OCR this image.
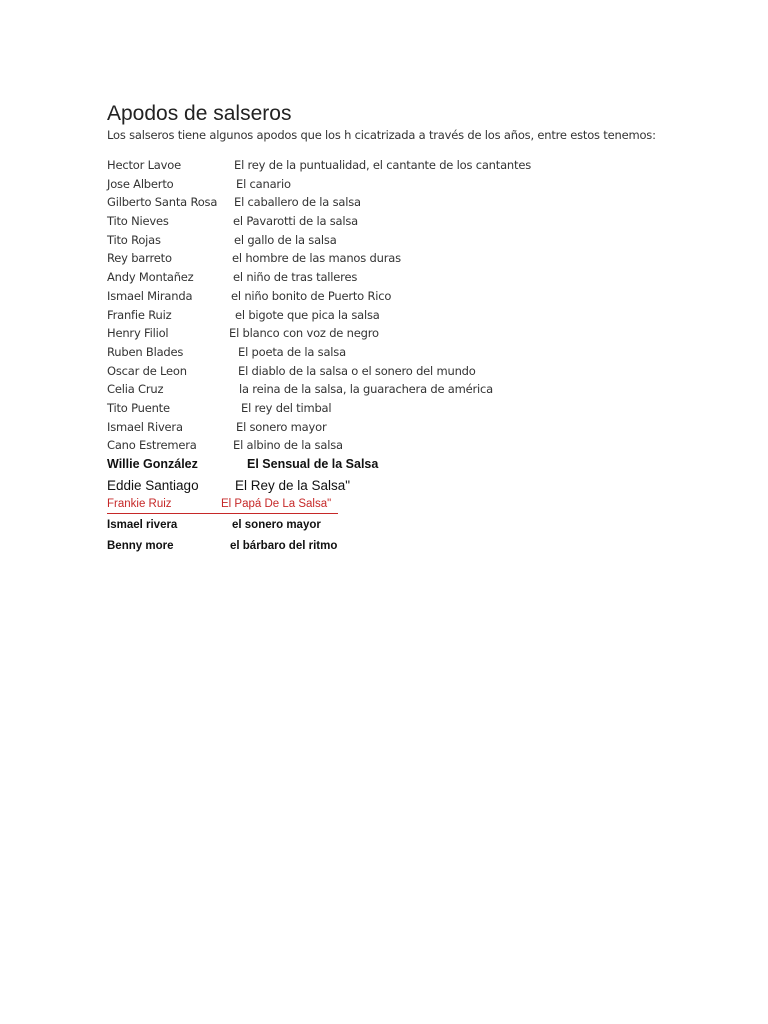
Apodos de salseros
Los salseros tiene algunos apodos que los h cicatrizada a través de los años, entre estos tenemos:
Hector Lavoe	El rey de la puntualidad, el cantante de los cantantes
Jose Alberto	El canario
Gilberto Santa Rosa El caballero de la salsa
Tito Nieves	el Pavarotti de la salsa
Tito Rojas	el gallo de la salsa
Rey barreto	el hombre de las manos duras
Andy Montañez	el niño de tras talleres
Ismael Miranda	el niño bonito de Puerto Rico
Franfie Ruiz	el bigote que pica la salsa
Henry Filiol	El blanco con voz de negro
Ruben Blades	El poeta de la salsa
Oscar de Leon	El diablo de la salsa o el sonero del mundo
Celia Cruz	la reina de la salsa, la guarachera de américa
Tito Puente	El rey del timbal
Ismael Rivera	El sonero mayor
Cano Estremera	El albino de la salsa
Willie González	El Sensual de la Salsa
Eddie Santiago	El Rey de la Salsa"
Frankie Ruiz	El Papá De La Salsa"
Ismael rivera	el sonero mayor
Benny more	el bárbaro del ritmo
